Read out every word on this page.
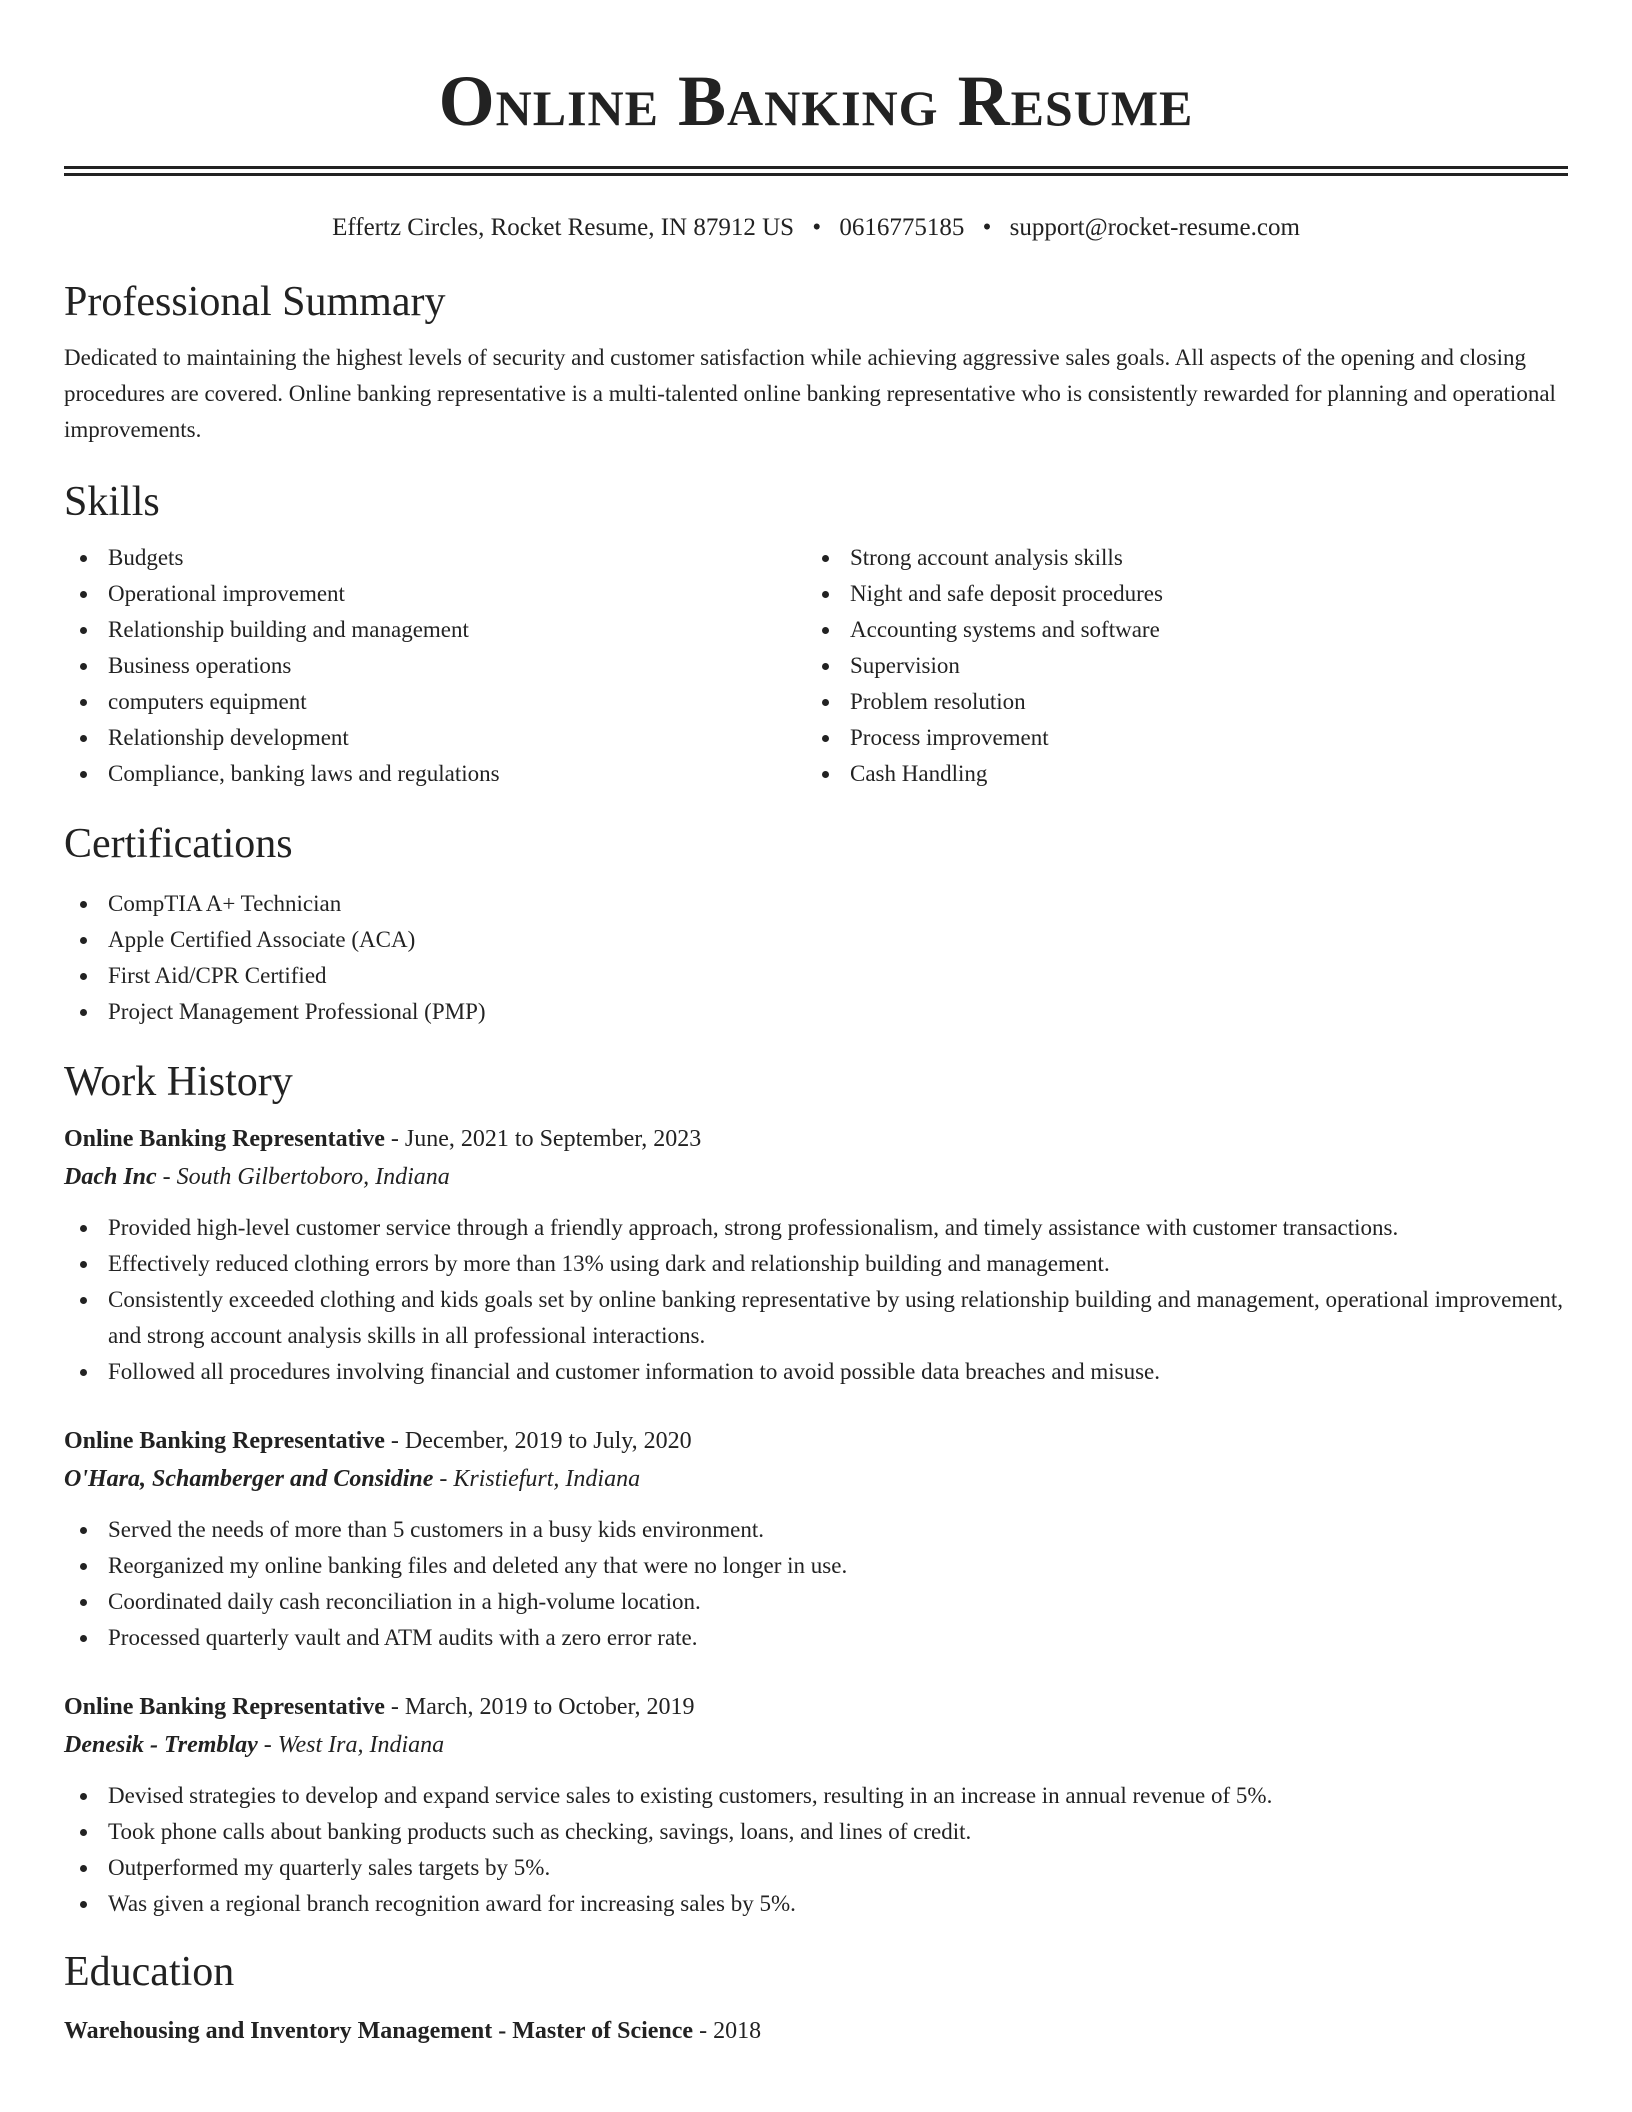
Online Banking Resume
Effertz Circles, Rocket Resume, IN 87912 US • 0616775185 • support@rocket-resume.com
Professional Summary

Dedicated to maintaining the highest levels of security and customer satisfaction while achieving aggressive sales goals. All aspects of the opening and closing procedures are covered. Online banking representative is a multi-talented online banking representative who is consistently rewarded for planning and operational improvements.

Skills
Budgets
Operational improvement
Relationship building and management
Business operations
computers equipment
Relationship development
Compliance, banking laws and regulations
Strong account analysis skills
Night and safe deposit procedures
Accounting systems and software
Supervision
Problem resolution
Process improvement
Cash Handling
Certifications
CompTIA A+ Technician
Apple Certified Associate (ACA)
First Aid/CPR Certified
Project Management Professional (PMP)
Work History
Online Banking Representative - June, 2021 to September, 2023
Dach Inc - South Gilbertoboro, Indiana
Provided high-level customer service through a friendly approach, strong professionalism, and timely assistance with customer transactions.
Effectively reduced clothing errors by more than 13% using dark and relationship building and management.
Consistently exceeded clothing and kids goals set by online banking representative by using relationship building and management, operational improvement, and strong account analysis skills in all professional interactions.
Followed all procedures involving financial and customer information to avoid possible data breaches and misuse.
Online Banking Representative - December, 2019 to July, 2020
O'Hara, Schamberger and Considine - Kristiefurt, Indiana
Served the needs of more than 5 customers in a busy kids environment.
Reorganized my online banking files and deleted any that were no longer in use.
Coordinated daily cash reconciliation in a high-volume location.
Processed quarterly vault and ATM audits with a zero error rate.
Online Banking Representative - March, 2019 to October, 2019
Denesik - Tremblay - West Ira, Indiana
Devised strategies to develop and expand service sales to existing customers, resulting in an increase in annual revenue of 5%.
Took phone calls about banking products such as checking, savings, loans, and lines of credit.
Outperformed my quarterly sales targets by 5%.
Was given a regional branch recognition award for increasing sales by 5%.
Education
Warehousing and Inventory Management - Master of Science - 2018
